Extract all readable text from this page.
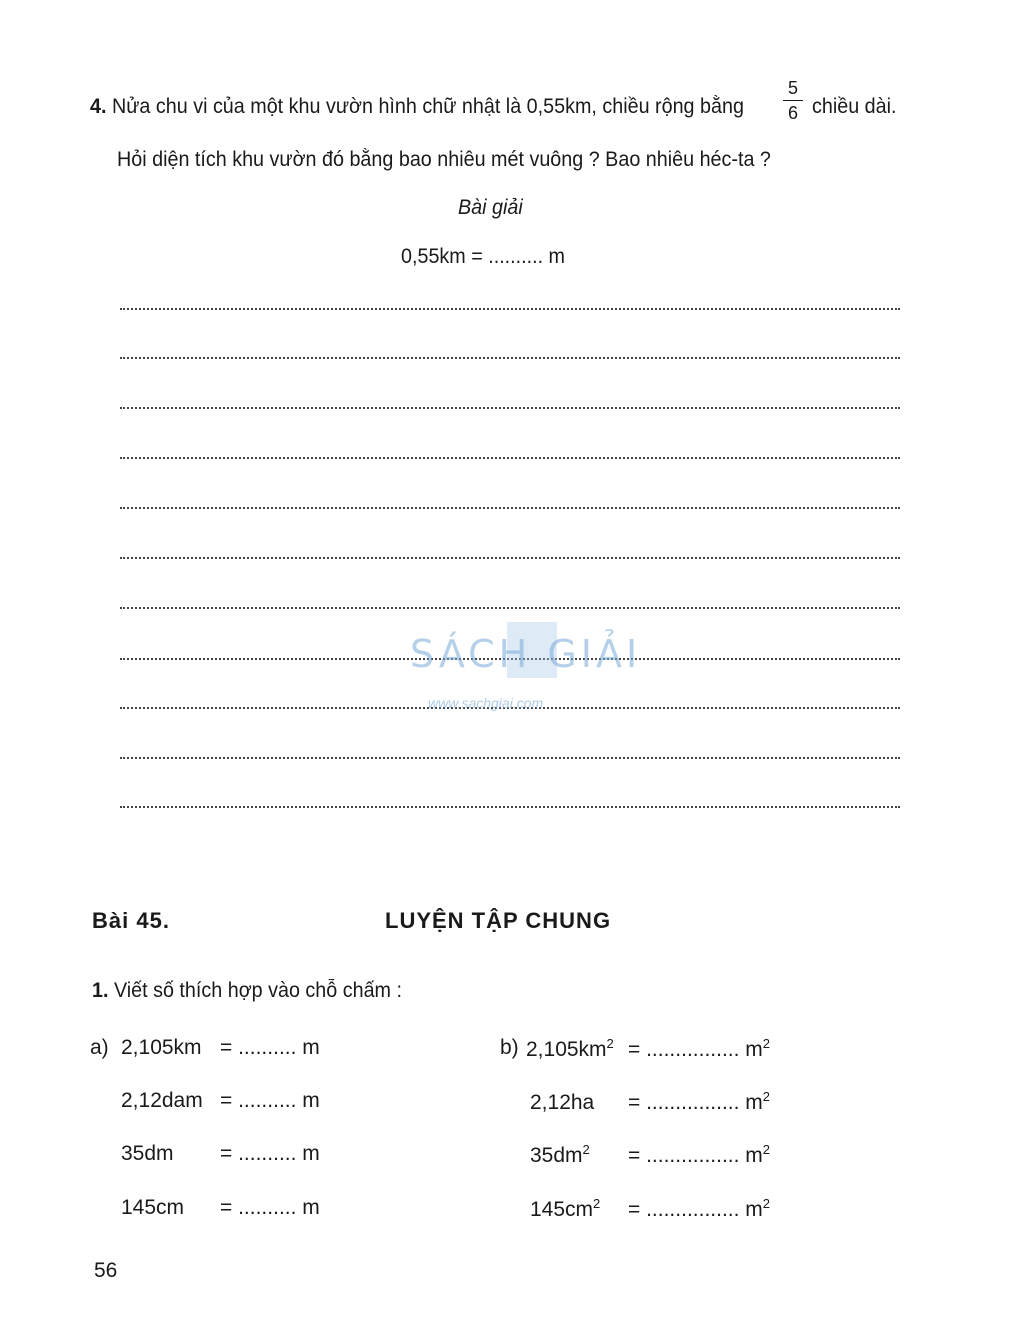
4. Nửa chu vi của một khu vườn hình chữ nhật là 0,55km, chiều rộng bằng
5
6 chiều dài.
Hỏi diện tích khu vườn đó bằng bao nhiêu mét vuông ? Bao nhiêu héc-ta ?
Bài giải
0,55km = .......... m
SÁCH GIẢI
www.sachgiai.com
Bài 45.	LUYỆN TẬP CHUNG
1. Viết số thích hợp vào chỗ chấm :
a)	b)
2,105km = .......... m
2,12dam = .......... m
35dm = .......... m
145cm = .......... m
$2,105km^2$ = ................ $m^2$
2,12ha = ................ $m^2$
$35dm^2$ = ................ $m^2$
$145cm^2$ = ................ $m^2$
56
